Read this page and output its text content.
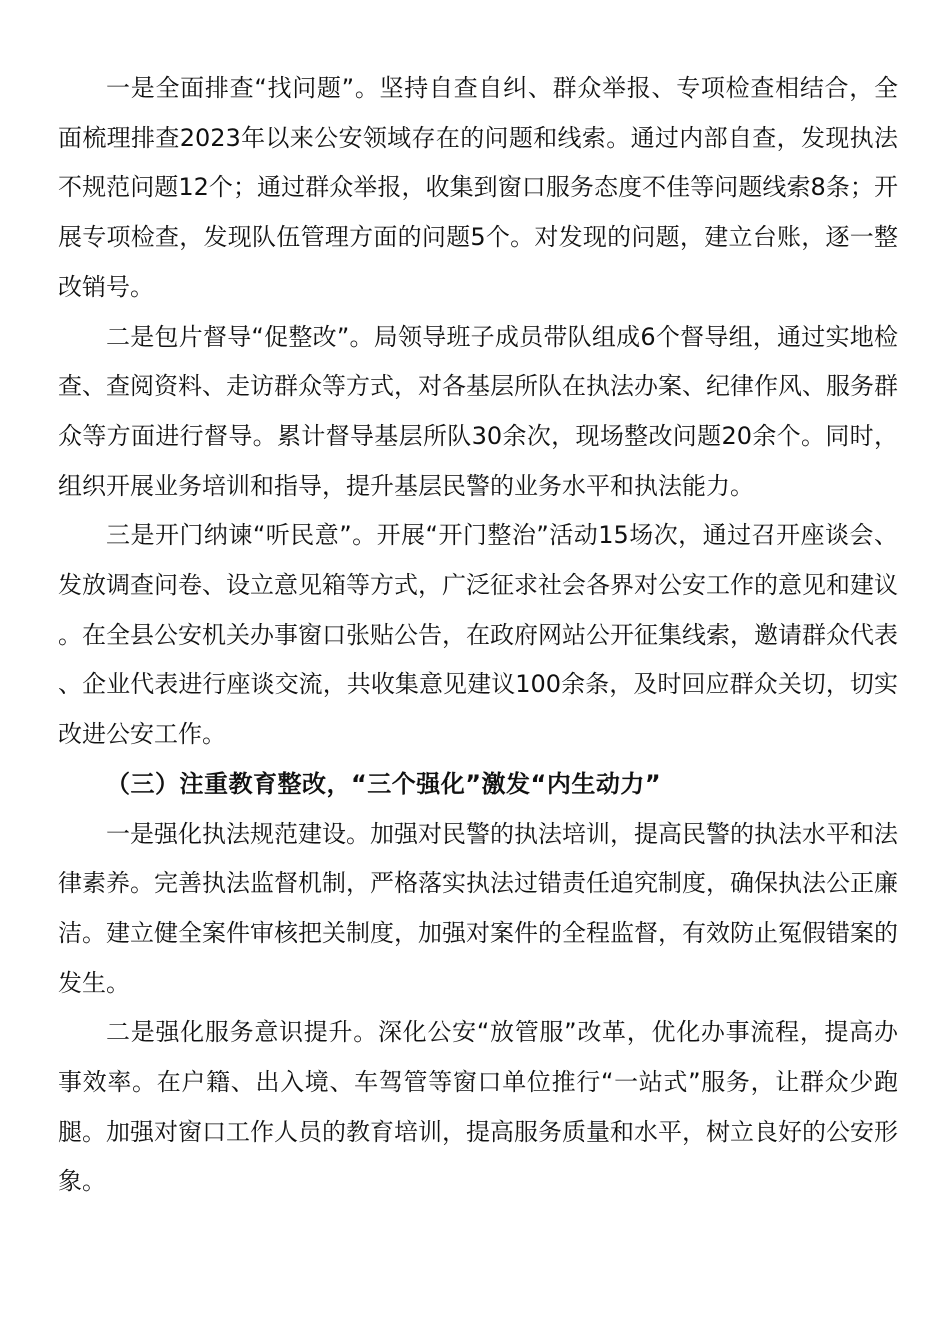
一是全面排查“找问题”。坚持自查自纠、群众举报、专项检查相结合，全面梳理排查2023年以来公安领域存在的问题和线索。通过内部自查，发现执法不规范问题12个；通过群众举报，收集到窗口服务态度不佳等问题线索8条；开展专项检查，发现队伍管理方面的问题5个。对发现的问题，建立台账，逐一整改销号。

二是包片督导“促整改”。局领导班子成员带队组成6个督导组，通过实地检查、查阅资料、走访群众等方式，对各基层所队在执法办案、纪律作风、服务群众等方面进行督导。累计督导基层所队30余次，现场整改问题20余个。同时，组织开展业务培训和指导，提升基层民警的业务水平和执法能力。

三是开门纳谏“听民意”。开展“开门整治”活动15场次，通过召开座谈会、发放调查问卷、设立意见箱等方式，广泛征求社会各界对公安工作的意见和建议。在全县公安机关办事窗口张贴公告，在政府网站公开征集线索，邀请群众代表、企业代表进行座谈交流，共收集意见建议100余条，及时回应群众关切，切实改进公安工作。

（三）注重教育整改，“三个强化”激发“内生动力”

一是强化执法规范建设。加强对民警的执法培训，提高民警的执法水平和法律素养。完善执法监督机制，严格落实执法过错责任追究制度，确保执法公正廉洁。建立健全案件审核把关制度，加强对案件的全程监督，有效防止冤假错案的发生。

二是强化服务意识提升。深化公安“放管服”改革，优化办事流程，提高办事效率。在户籍、出入境、车驾管等窗口单位推行“一站式”服务，让群众少跑腿。加强对窗口工作人员的教育培训，提高服务质量和水平，树立良好的公安形象。
